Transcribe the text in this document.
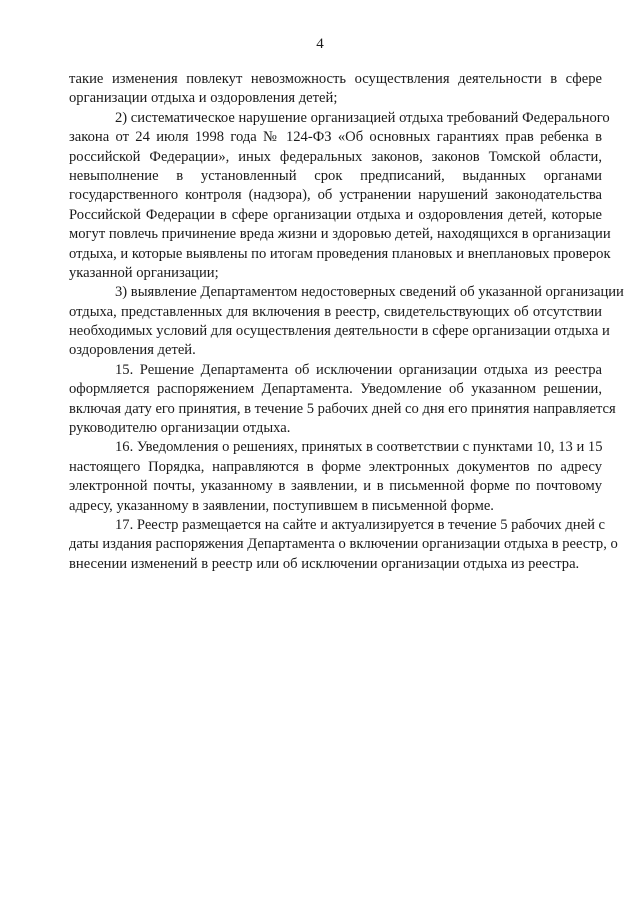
4
такие изменения повлекут невозможность осуществления деятельности в сфере
организации отдыха и оздоровления детей;
2) систематическое нарушение организацией отдыха требований Федерального
закона от 24 июля 1998 года № 124-ФЗ «Об основных гарантиях прав ребенка в
российской Федерации», иных федеральных законов, законов Томской области,
невыполнение в установленный срок предписаний, выданных органами
государственного контроля (надзора), об устранении нарушений законодательства
Российской Федерации в сфере организации отдыха и оздоровления детей, которые
могут повлечь причинение вреда жизни и здоровью детей, находящихся в организации
отдыха, и которые выявлены по итогам проведения плановых и внеплановых проверок
указанной организации;
3) выявление Департаментом недостоверных сведений об указанной организации
отдыха, представленных для включения в реестр, свидетельствующих об отсутствии
необходимых условий для осуществления деятельности в сфере организации отдыха и
оздоровления детей.
15. Решение Департамента об исключении организации отдыха из реестра
оформляется распоряжением Департамента. Уведомление об указанном решении,
включая дату его принятия, в течение 5 рабочих дней со дня его принятия направляется
руководителю организации отдыха.
16. Уведомления о решениях, принятых в соответствии с пунктами 10, 13 и 15
настоящего Порядка, направляются в форме электронных документов по адресу
электронной почты, указанному в заявлении, и в письменной форме по почтовому
адресу, указанному в заявлении, поступившем в письменной форме.
17. Реестр размещается на сайте и актуализируется в течение 5 рабочих дней с
даты издания распоряжения Департамента о включении организации отдыха в реестр, о
внесении изменений в реестр или об исключении организации отдыха из реестра.
